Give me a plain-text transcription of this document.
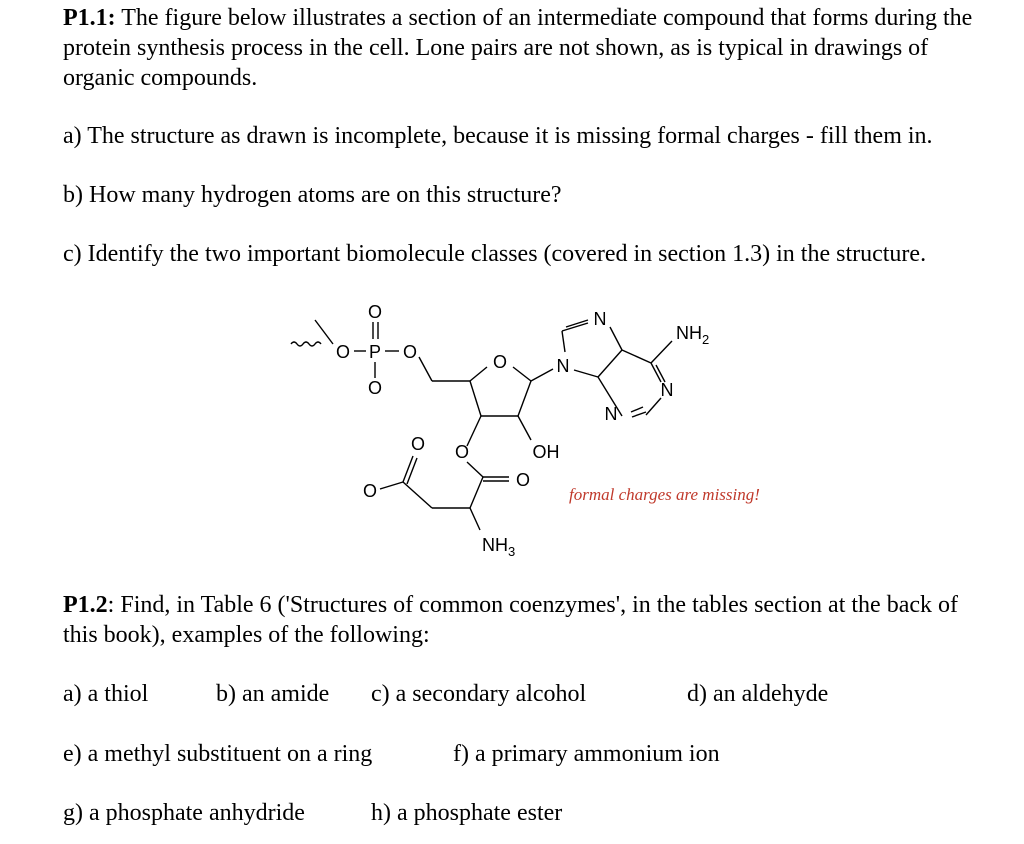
P1.1: The figure below illustrates a section of an intermediate compound that forms during the protein synthesis process in the cell. Lone pairs are not shown, as is typical in drawings of organic compounds.

a) The structure as drawn is incomplete, because it is missing formal charges - fill them in.

b) How many hydrogen atoms are on this structure?

c) Identify the two important biomolecule classes (covered in section 1.3) in the structure.

O
O P O
O
O	N
N
N
N
$NH_2$
O O	OH
O
O
$NH_3$
formal charges are missing!

P1.2: Find, in Table 6 ('Structures of common coenzymes', in the tables section at the back of this book), examples of the following:

a) a thiol	b) an amide c) a secondary alcohol	d) an aldehyde
e) a methyl substituent on a ring	f) a primary ammonium ion
g) a phosphate anhydride	h) a phosphate ester
